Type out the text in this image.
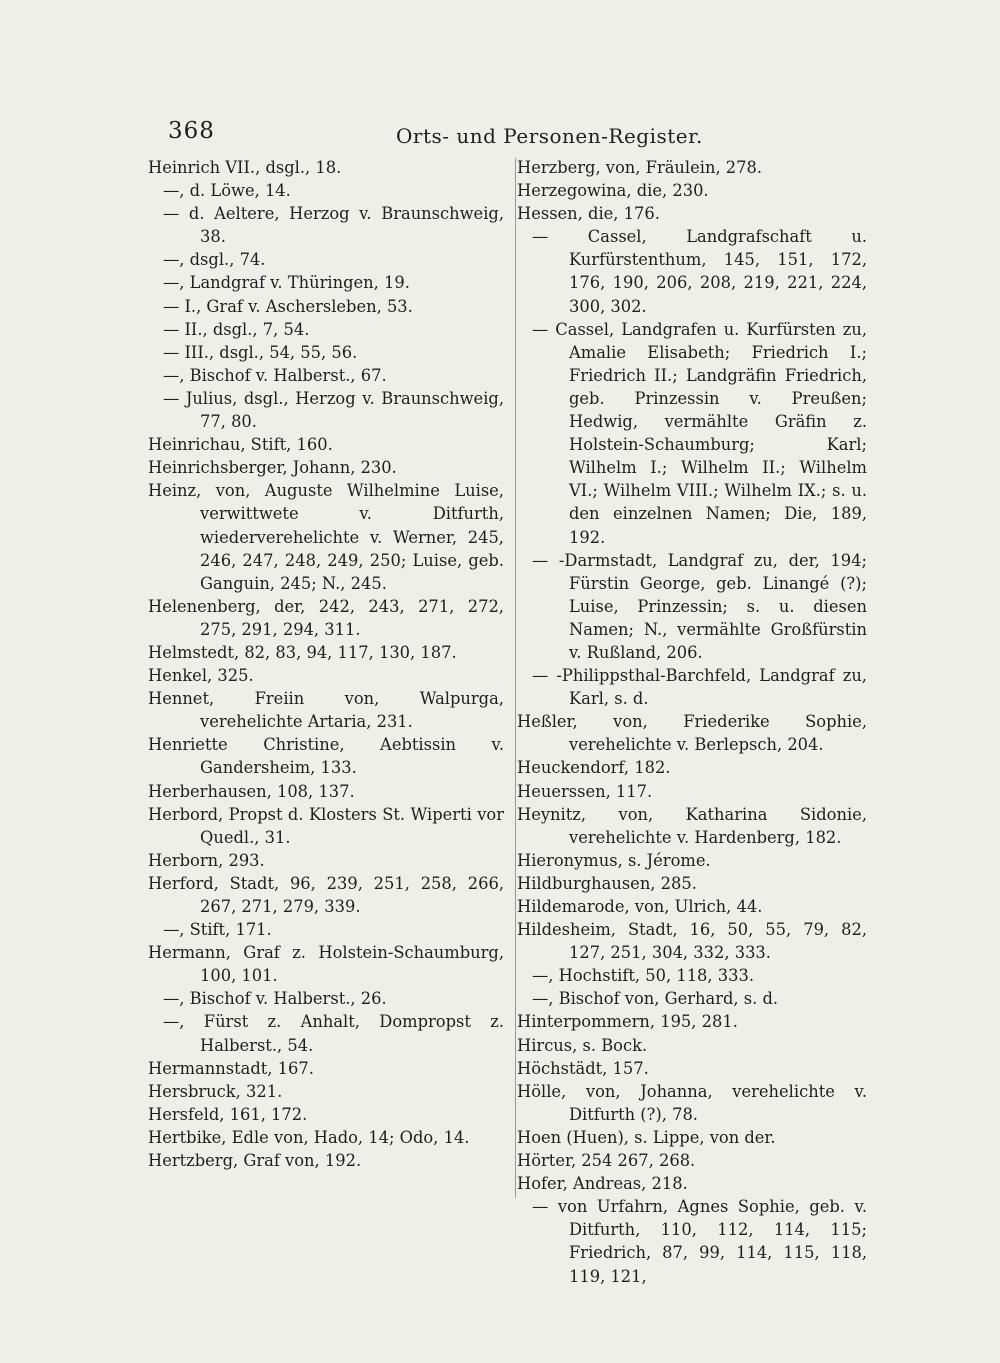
368	Orts- und Personen-Register.

Heinrich VII., dsgl., 18.

—, d. Löwe, 14.

— d. Aeltere, Herzog v. Braunschweig, 38.

—, dsgl., 74.

—, Landgraf v. Thüringen, 19.

— I., Graf v. Aschersleben, 53.

— II., dsgl., 7, 54.

— III., dsgl., 54, 55, 56.

—, Bischof v. Halberst., 67.

— Julius, dsgl., Herzog v. Braunschweig, 77, 80.

Heinrichau, Stift, 160.

Heinrichsberger, Johann, 230.

Heinz, von, Auguste Wilhelmine Luise, verwittwete v. Ditfurth, wiederverehelichte v. Werner, 245, 246, 247, 248, 249, 250; Luise, geb. Ganguin, 245; N., 245.

Helenenberg, der, 242, 243, 271, 272, 275, 291, 294, 311.

Helmstedt, 82, 83, 94, 117, 130, 187.

Henkel, 325.

Hennet, Freiin von, Walpurga, verehelichte Artaria, 231.

Henriette Christine, Aebtissin v. Gandersheim, 133.

Herberhausen, 108, 137.

Herbord, Propst d. Klosters St. Wiperti vor Quedl., 31.

Herborn, 293.

Herford, Stadt, 96, 239, 251, 258, 266, 267, 271, 279, 339.

—, Stift, 171.

Hermann, Graf z. Holstein-Schaumburg, 100, 101.

—, Bischof v. Halberst., 26.

—, Fürst z. Anhalt, Dompropst z. Halberst., 54.

Hermannstadt, 167.

Hersbruck, 321.

Hersfeld, 161, 172.

Hertbike, Edle von, Hado, 14; Odo, 14.

Hertzberg, Graf von, 192.

Herzberg, von, Fräulein, 278.

Herzegowina, die, 230.

Hessen, die, 176.

— Cassel, Landgrafschaft u. Kurfürstenthum, 145, 151, 172, 176, 190, 206, 208, 219, 221, 224, 300, 302.

— Cassel, Landgrafen u. Kurfürsten zu, Amalie Elisabeth; Friedrich I.; Friedrich II.; Landgräfin Friedrich, geb. Prinzessin v. Preußen; Hedwig, vermählte Gräfin z. Holstein-Schaumburg; Karl; Wilhelm I.; Wilhelm II.; Wilhelm VI.; Wilhelm VIII.; Wilhelm IX.; s. u. den einzelnen Namen; Die, 189, 192.

— -Darmstadt, Landgraf zu, der, 194; Fürstin George, geb. Linangé (?); Luise, Prinzessin; s. u. diesen Namen; N., vermählte Großfürstin v. Rußland, 206.

— -Philippsthal-Barchfeld, Landgraf zu, Karl, s. d.

Heßler, von, Friederike Sophie, verehelichte v. Berlepsch, 204.

Heuckendorf, 182.

Heuerssen, 117.

Heynitz, von, Katharina Sidonie, verehelichte v. Hardenberg, 182.

Hieronymus, s. Jérome.

Hildburghausen, 285.

Hildemarode, von, Ulrich, 44.

Hildesheim, Stadt, 16, 50, 55, 79, 82, 127, 251, 304, 332, 333.

—, Hochstift, 50, 118, 333.

—, Bischof von, Gerhard, s. d.

Hinterpommern, 195, 281.

Hircus, s. Bock.

Höchstädt, 157.

Hölle, von, Johanna, verehelichte v. Ditfurth (?), 78.

Hoen (Huen), s. Lippe, von der.

Hörter, 254 267, 268.

Hofer, Andreas, 218.

— von Urfahrn, Agnes Sophie, geb. v. Ditfurth, 110, 112, 114, 115; Friedrich, 87, 99, 114, 115, 118, 119, 121,
